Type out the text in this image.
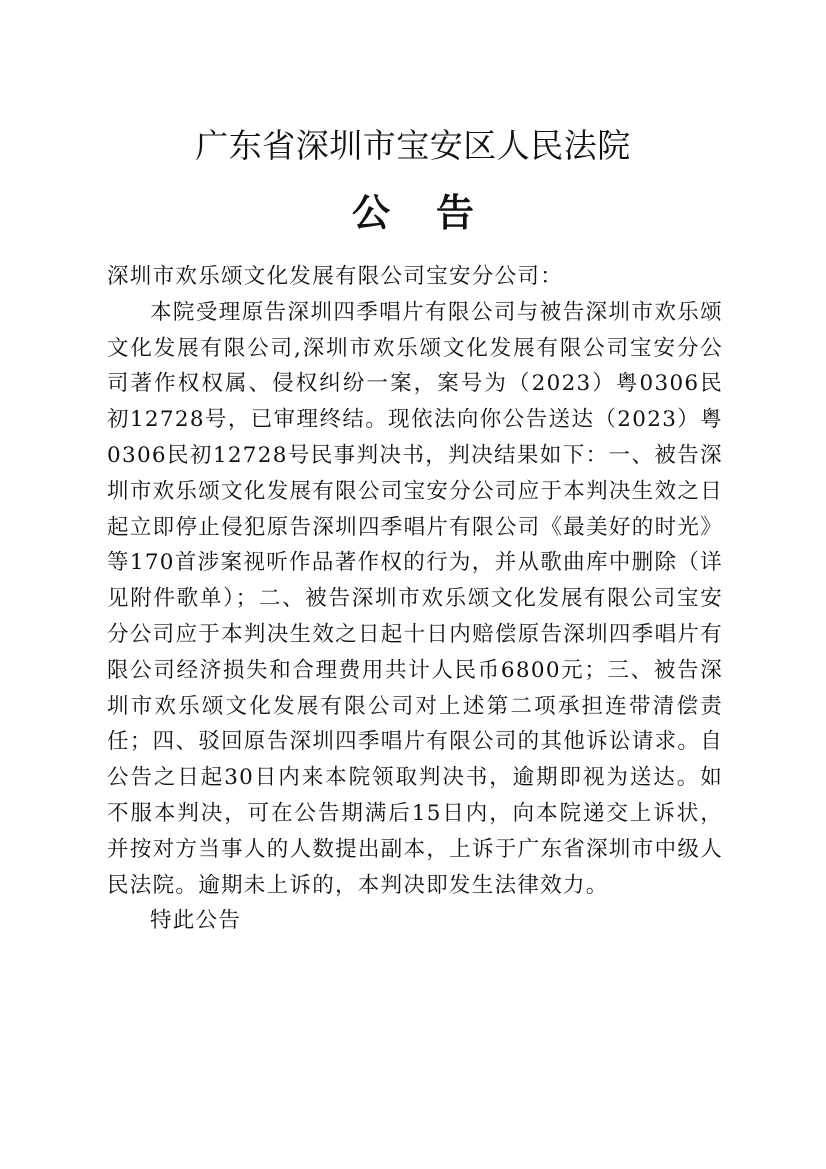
广东省深圳市宝安区人民法院
公告

深圳市欢乐颂文化发展有限公司宝安分公司：

本院受理原告深圳四季唱片有限公司与被告深圳市欢乐颂文化发展有限公司,深圳市欢乐颂文化发展有限公司宝安分公司著作权权属、侵权纠纷一案，案号为（2023）粤0306民初12728号，已审理终结。现依法向你公告送达（2023）粤0306民初12728号民事判决书，判决结果如下：一、被告深圳市欢乐颂文化发展有限公司宝安分公司应于本判决生效之日起立即停止侵犯原告深圳四季唱片有限公司《最美好的时光》等170首涉案视听作品著作权的行为，并从歌曲库中删除（详见附件歌单）；二、被告深圳市欢乐颂文化发展有限公司宝安分公司应于本判决生效之日起十日内赔偿原告深圳四季唱片有限公司经济损失和合理费用共计人民币6800元；三、被告深圳市欢乐颂文化发展有限公司对上述第二项承担连带清偿责任；四、驳回原告深圳四季唱片有限公司的其他诉讼请求。自公告之日起30日内来本院领取判决书，逾期即视为送达。如不服本判决，可在公告期满后15日内，向本院递交上诉状，并按对方当事人的人数提出副本，上诉于广东省深圳市中级人民法院。逾期未上诉的，本判决即发生法律效力。

特此公告
